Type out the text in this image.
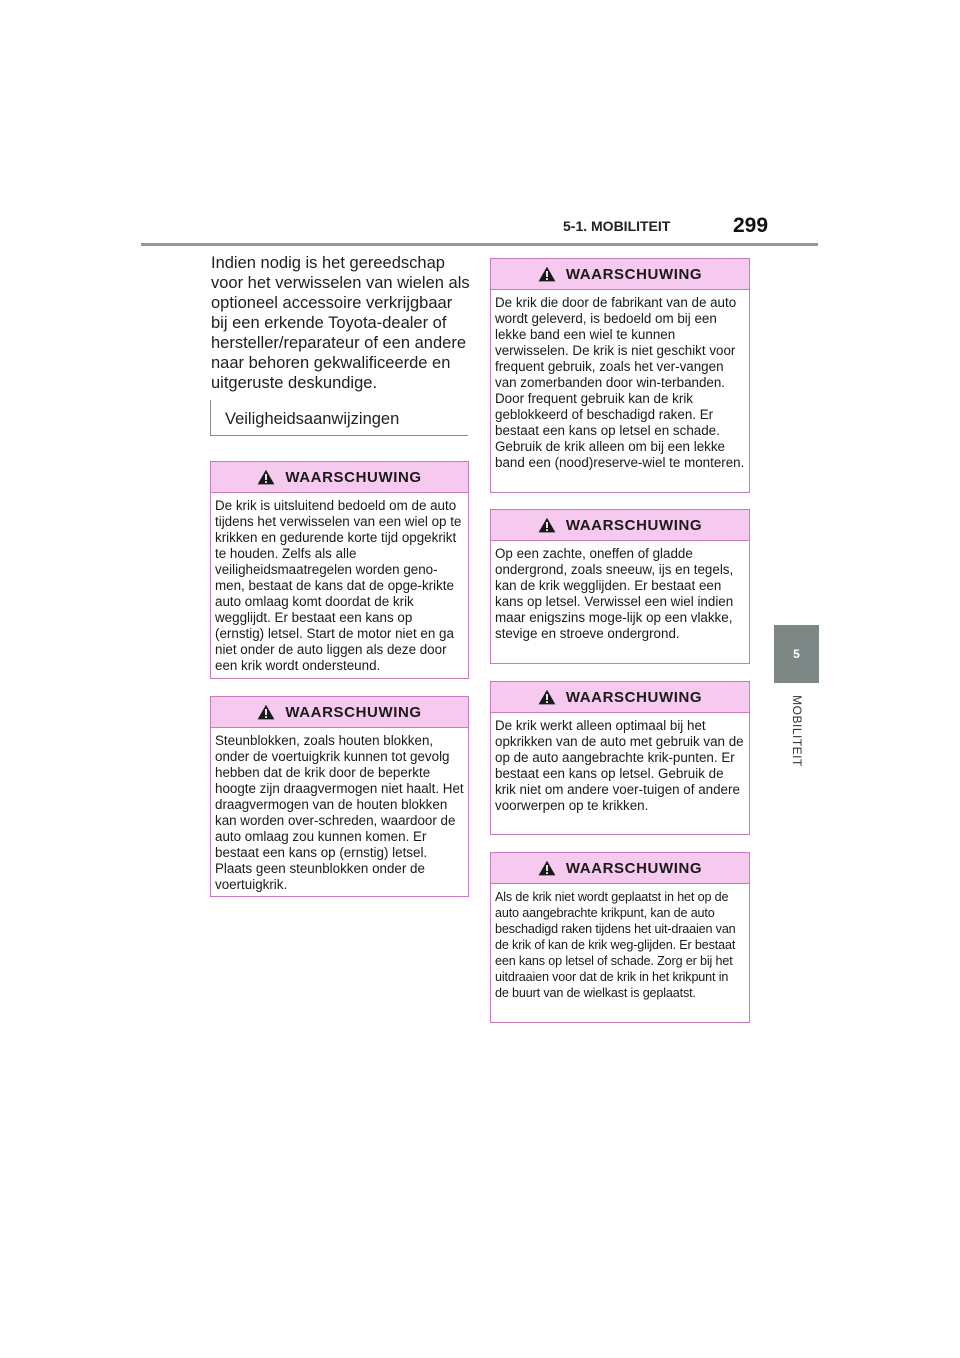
5-1. MOBILITEIT	299
5
MOBILITEIT

Indien nodig is het gereedschap voor het verwisselen van wielen als optioneel accessoire verkrijgbaar bij een erkende Toyota-dealer of hersteller/reparateur of een andere naar behoren gekwalificeerde en uitgeruste deskundige.

Veiligheidsaanwijzingen
WAARSCHUWING
De krik is uitsluitend bedoeld om de auto tijdens het verwisselen van een wiel op te krikken en gedurende korte tijd opgekrikt te houden. Zelfs als alle veiligheidsmaatregelen worden geno-men, bestaat de kans dat de opge-krikte auto omlaag komt doordat de krik wegglijdt. Er bestaat een kans op (ernstig) letsel. Start de motor niet en ga niet onder de auto liggen als deze door een krik wordt ondersteund.
WAARSCHUWING
Steunblokken, zoals houten blokken, onder de voertuigkrik kunnen tot gevolg hebben dat de krik door de beperkte hoogte zijn draagvermogen niet haalt. Het draagvermogen van de houten blokken kan worden over-schreden, waardoor de auto omlaag zou kunnen komen. Er bestaat een kans op (ernstig) letsel. Plaats geen steunblokken onder de voertuigkrik.
WAARSCHUWING
De krik die door de fabrikant van de auto wordt geleverd, is bedoeld om bij een lekke band een wiel te kunnen verwisselen. De krik is niet geschikt voor frequent gebruik, zoals het ver-vangen van zomerbanden door win-terbanden. Door frequent gebruik kan de krik geblokkeerd of beschadigd raken. Er bestaat een kans op letsel en schade. Gebruik de krik alleen om bij een lekke band een (nood)reserve-wiel te monteren.
WAARSCHUWING
Op een zachte, oneffen of gladde ondergrond, zoals sneeuw, ijs en tegels, kan de krik wegglijden. Er bestaat een kans op letsel. Verwissel een wiel indien maar enigszins moge-lijk op een vlakke, stevige en stroeve ondergrond.
WAARSCHUWING
De krik werkt alleen optimaal bij het opkrikken van de auto met gebruik van de op de auto aangebrachte krik-punten. Er bestaat een kans op letsel. Gebruik de krik niet om andere voer-tuigen of andere voorwerpen op te krikken.
WAARSCHUWING
Als de krik niet wordt geplaatst in het op de auto aangebrachte krikpunt, kan de auto beschadigd raken tijdens het uit-draaien van de krik of kan de krik weg-glijden. Er bestaat een kans op letsel of schade. Zorg er bij het uitdraaien voor dat de krik in het krikpunt in de buurt van de wielkast is geplaatst.
